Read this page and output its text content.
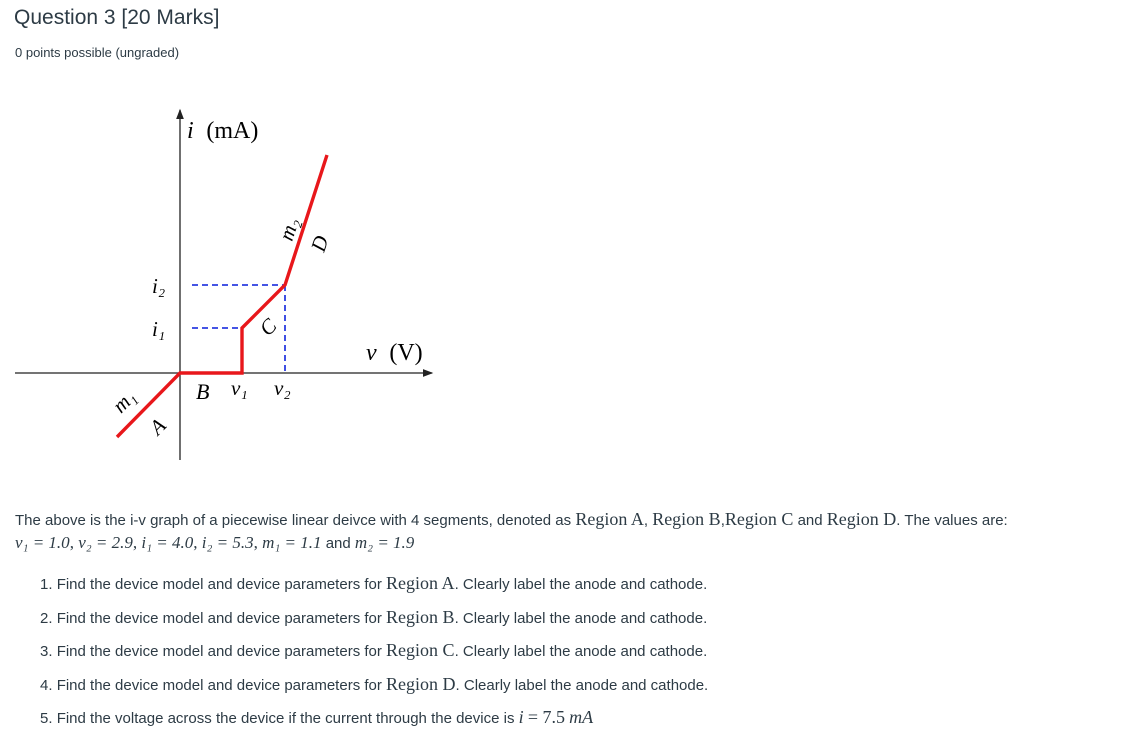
Question 3 [20 Marks]
0 points possible (ungraded)
i (mA)
v (V)
i₂
i₁
B v₁ v₂
C
m₂
D
m₁
A
The above is the i-v graph of a piecewise linear deivce with 4 segments, denoted as Region A, Region B,Region C and Region D. The values are:
v₁ = 1.0, v₂ = 2.9, i₁ = 4.0, i₂ = 5.3, m₁ = 1.1 and m₂ = 1.9
1. Find the device model and device parameters for Region A. Clearly label the anode and cathode.
2. Find the device model and device parameters for Region B. Clearly label the anode and cathode.
3. Find the device model and device parameters for Region C. Clearly label the anode and cathode.
4. Find the device model and device parameters for Region D. Clearly label the anode and cathode.
5. Find the voltage across the device if the current through the device is i = 7.5 mA
